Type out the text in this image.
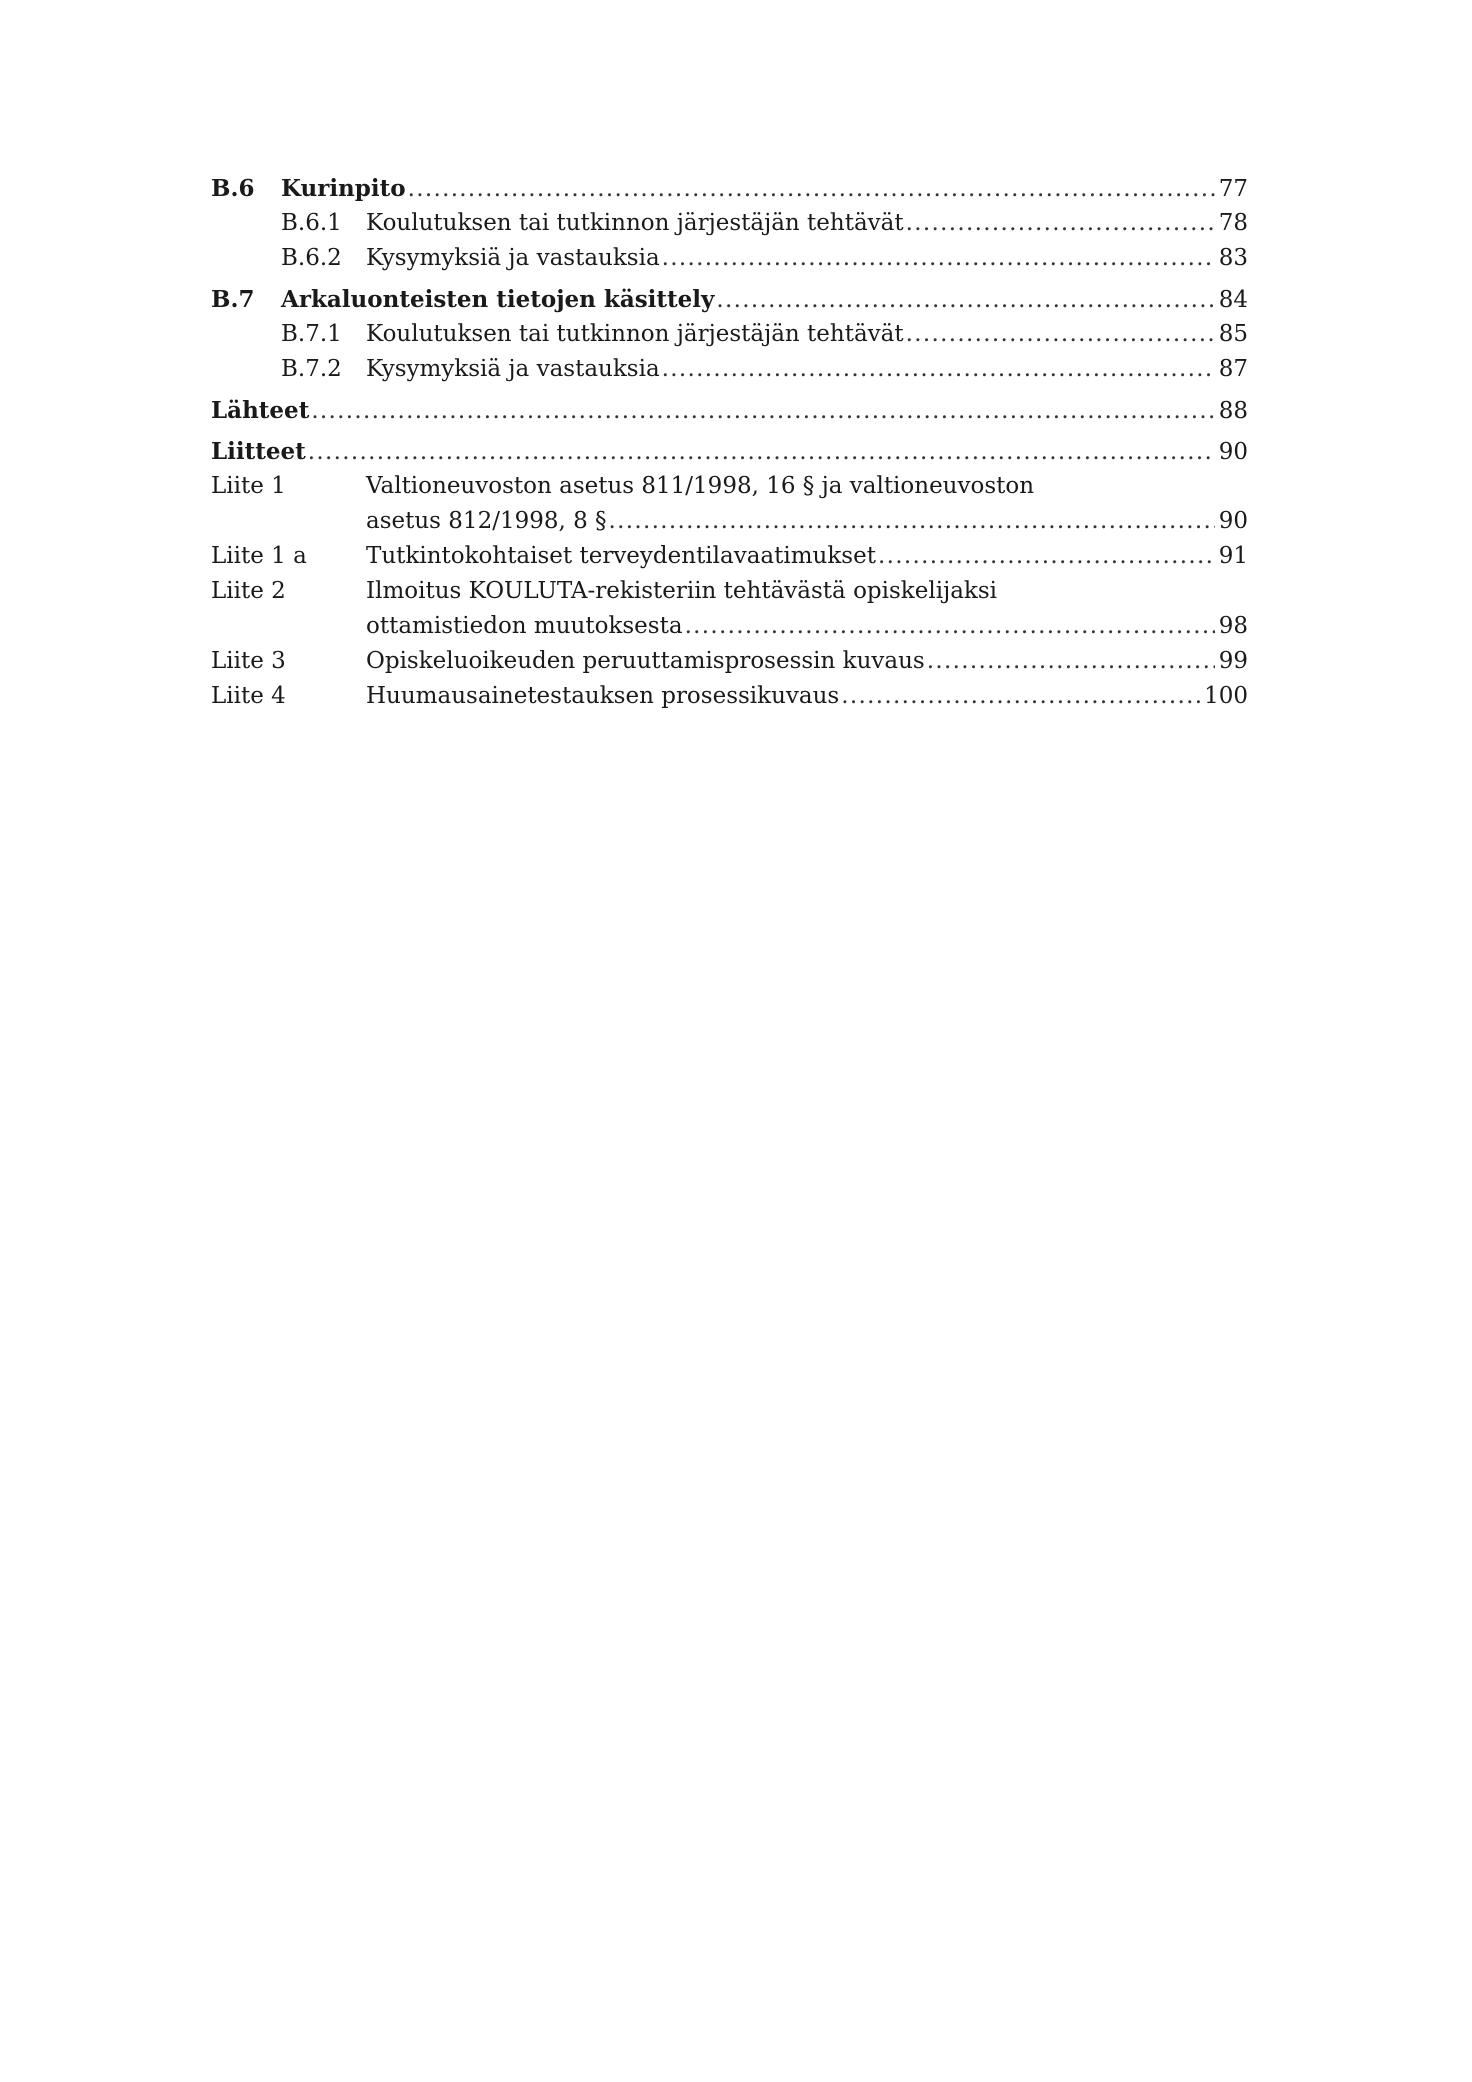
B.6	Kurinpito . . .	77
B.6.1	Koulutuksen tai tutkinnon järjestäjän tehtävät . . .	78
B.6.2	Kysymyksiä ja vastauksia . . .	83
B.7	Arkaluonteisten tietojen käsittely . . .	84
B.7.1	Koulutuksen tai tutkinnon järjestäjän tehtävät . . .	85
B.7.2	Kysymyksiä ja vastauksia . . .	87
Lähteet . . .	88
Liitteet . . .	90
Liite 1	Valtioneuvoston asetus 811/1998, 16 § ja valtioneuvoston
asetus 812/1998, 8 § . . .	90
Liite 1 a	Tutkintokohtaiset terveydentilavaatimukset . . .	91
Liite 2	Ilmoitus KOULUTA-rekisteriin tehtävästä opiskelijaksi
ottamistiedon muutoksesta . . .	98
Liite 3	Opiskeluoikeuden peruuttamisprosessin kuvaus . . .	99
Liite 4	Huumausainetestauksen prosessikuvaus . . .	100
